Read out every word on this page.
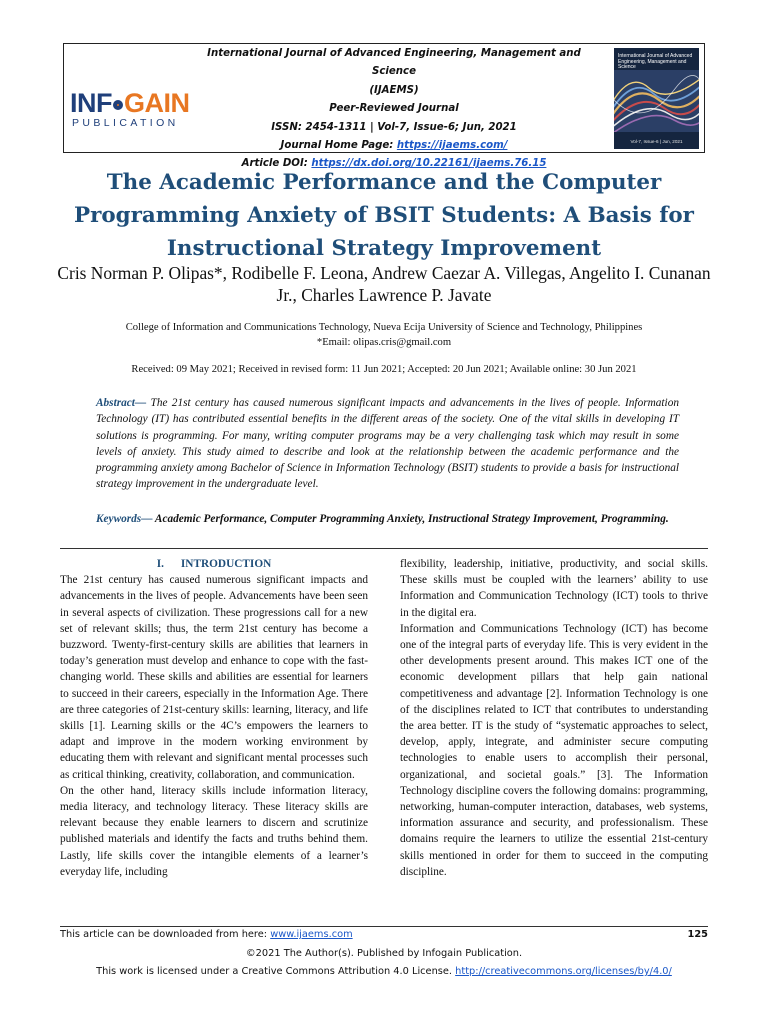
INF GAIN
PUBLICATION
International Journal of Advanced Engineering, Management and Science
(IJAEMS)
Peer-Reviewed Journal
ISSN: 2454-1311 | Vol-7, Issue-6; Jun, 2021
Journal Home Page: https://ijaems.com/
Article DOI: https://dx.doi.org/10.22161/ijaems.76.15
International Journal of Advanced Engineering, Management and Science
Vol-7, Issue-6 | Jun, 2021
The Academic Performance and the Computer Programming Anxiety of BSIT Students: A Basis for Instructional Strategy Improvement
Cris Norman P. Olipas*, Rodibelle F. Leona, Andrew Caezar A. Villegas, Angelito I. Cunanan Jr., Charles Lawrence P. Javate
College of Information and Communications Technology, Nueva Ecija University of Science and Technology, Philippines
*Email: olipas.cris@gmail.com
Received: 09 May 2021; Received in revised form: 11 Jun 2021; Accepted: 20 Jun 2021; Available online: 30 Jun 2021
Abstract— The 21st century has caused numerous significant impacts and advancements in the lives of people. Information Technology (IT) has contributed essential benefits in the different areas of the society. One of the vital skills in developing IT solutions is programming. For many, writing computer programs may be a very challenging task which may result in some levels of anxiety. This study aimed to describe and look at the relationship between the academic performance and the programming anxiety among Bachelor of Science in Information Technology (BSIT) students to provide a basis for instructional strategy improvement in the undergraduate level.
Keywords— Academic Performance, Computer Programming Anxiety, Instructional Strategy Improvement, Programming.
I.      INTRODUCTION

The 21st century has caused numerous significant impacts and advancements in the lives of people. Advancements have been seen in several aspects of civilization. These progressions call for a new set of relevant skills; thus, the term 21st century has become a buzzword. Twenty-first-century skills are abilities that learners in today’s generation must develop and enhance to cope with the fast-changing world. These skills and abilities are essential for learners to succeed in their careers, especially in the Information Age. There are three categories of 21st-century skills: learning, literacy, and life skills [1]. Learning skills or the 4C’s empowers the learners to adapt and improve in the modern working environment by educating them with relevant and significant mental processes such as critical thinking, creativity, collaboration, and communication.

On the other hand, literacy skills include information literacy, media literacy, and technology literacy. These literacy skills are relevant because they enable learners to discern and scrutinize published materials and identify the facts and truths behind them. Lastly, life skills cover the intangible elements of a learner’s everyday life, including

flexibility, leadership, initiative, productivity, and social skills. These skills must be coupled with the learners’ ability to use Information and Communication Technology (ICT) tools to thrive in the digital era.

Information and Communications Technology (ICT) has become one of the integral parts of everyday life. This is very evident in the other developments present around. This makes ICT one of the economic development pillars that help gain national competitiveness and advantage [2]. Information Technology is one of the disciplines related to ICT that contributes to understanding the area better. IT is the study of “systematic approaches to select, develop, apply, integrate, and administer secure computing technologies to enable users to accomplish their personal, organizational, and societal goals.” [3]. The Information Technology discipline covers the following domains: programming, networking, human-computer interaction, databases, web systems, information assurance and security, and professionalism. These domains require the learners to utilize the essential 21st-century skills mentioned in order for them to succeed in the computing discipline.

This article can be downloaded from here: www.ijaems.com	125
©2021 The Author(s). Published by Infogain Publication.
This work is licensed under a Creative Commons Attribution 4.0 License. http://creativecommons.org/licenses/by/4.0/
